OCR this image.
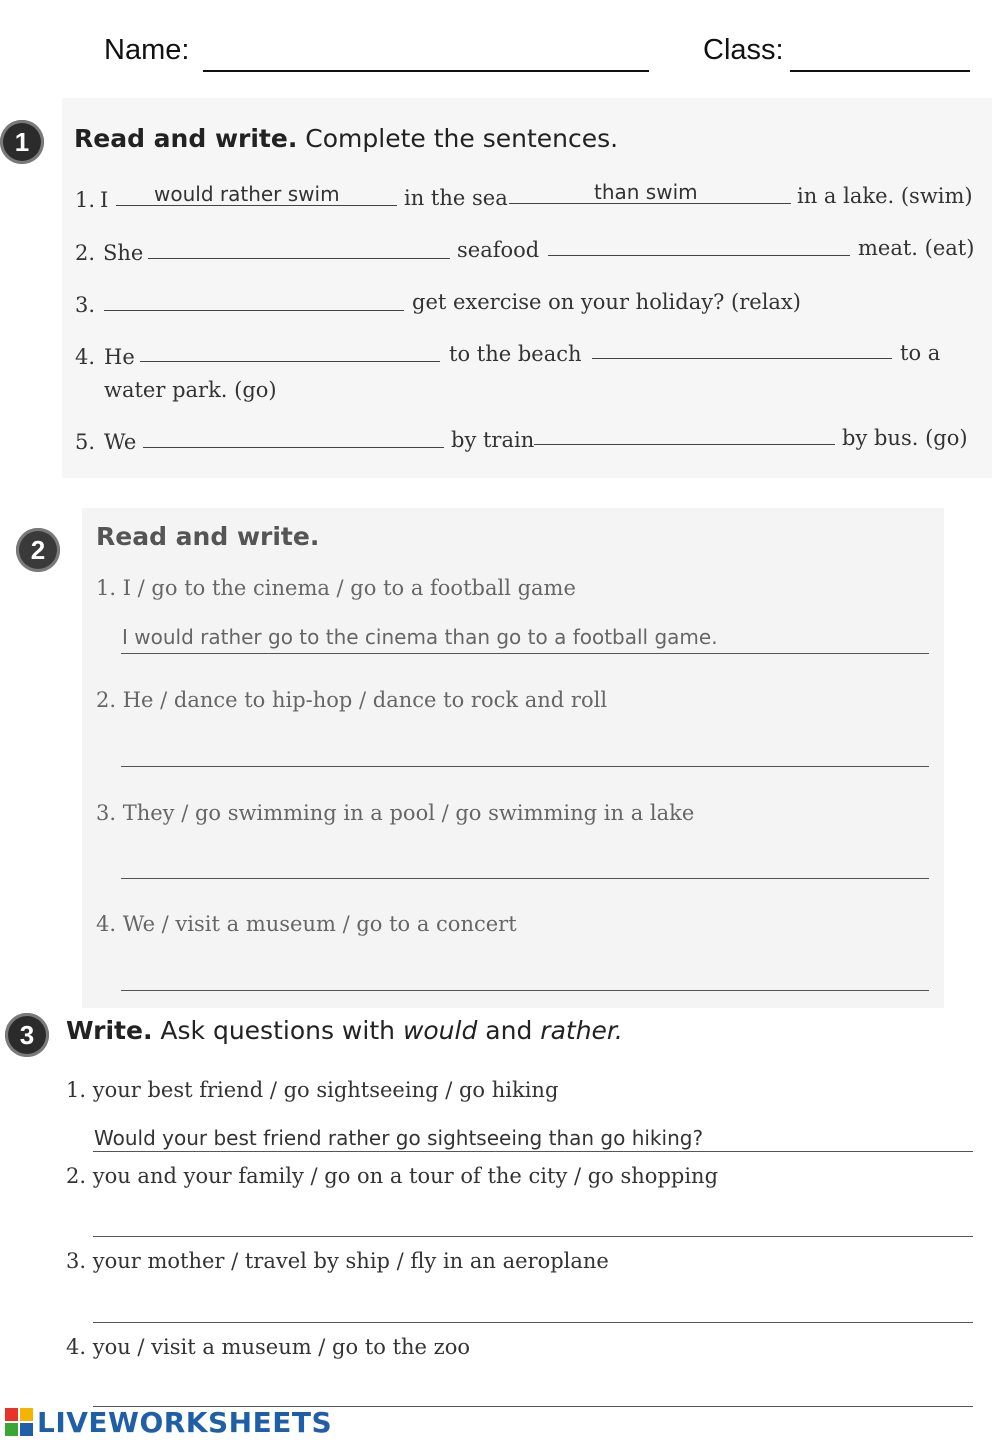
Name:	Class:
1	Read and write. Complete the sentences.
1. I would rather swim	in the sea	than swim	in a lake. (swim)
2. She	seafood	meat. (eat)
3.	get exercise on your holiday? (relax)
4. He	to the beach	to a
water park. (go)
5. We	by train	by bus. (go)
2	Read and write.
1. I / go to the cinema / go to a football game
I would rather go to the cinema than go to a football game.
2. He / dance to hip-hop / dance to rock and roll
3. They / go swimming in a pool / go swimming in a lake
4. We / visit a museum / go to a concert
3	Write. Ask questions with would and rather.
1. your best friend / go sightseeing / go hiking
Would your best friend rather go sightseeing than go hiking?
2. you and your family / go on a tour of the city / go shopping
3. your mother / travel by ship / fly in an aeroplane
4. you / visit a museum / go to the zoo
LIVEWORKSHEETS
